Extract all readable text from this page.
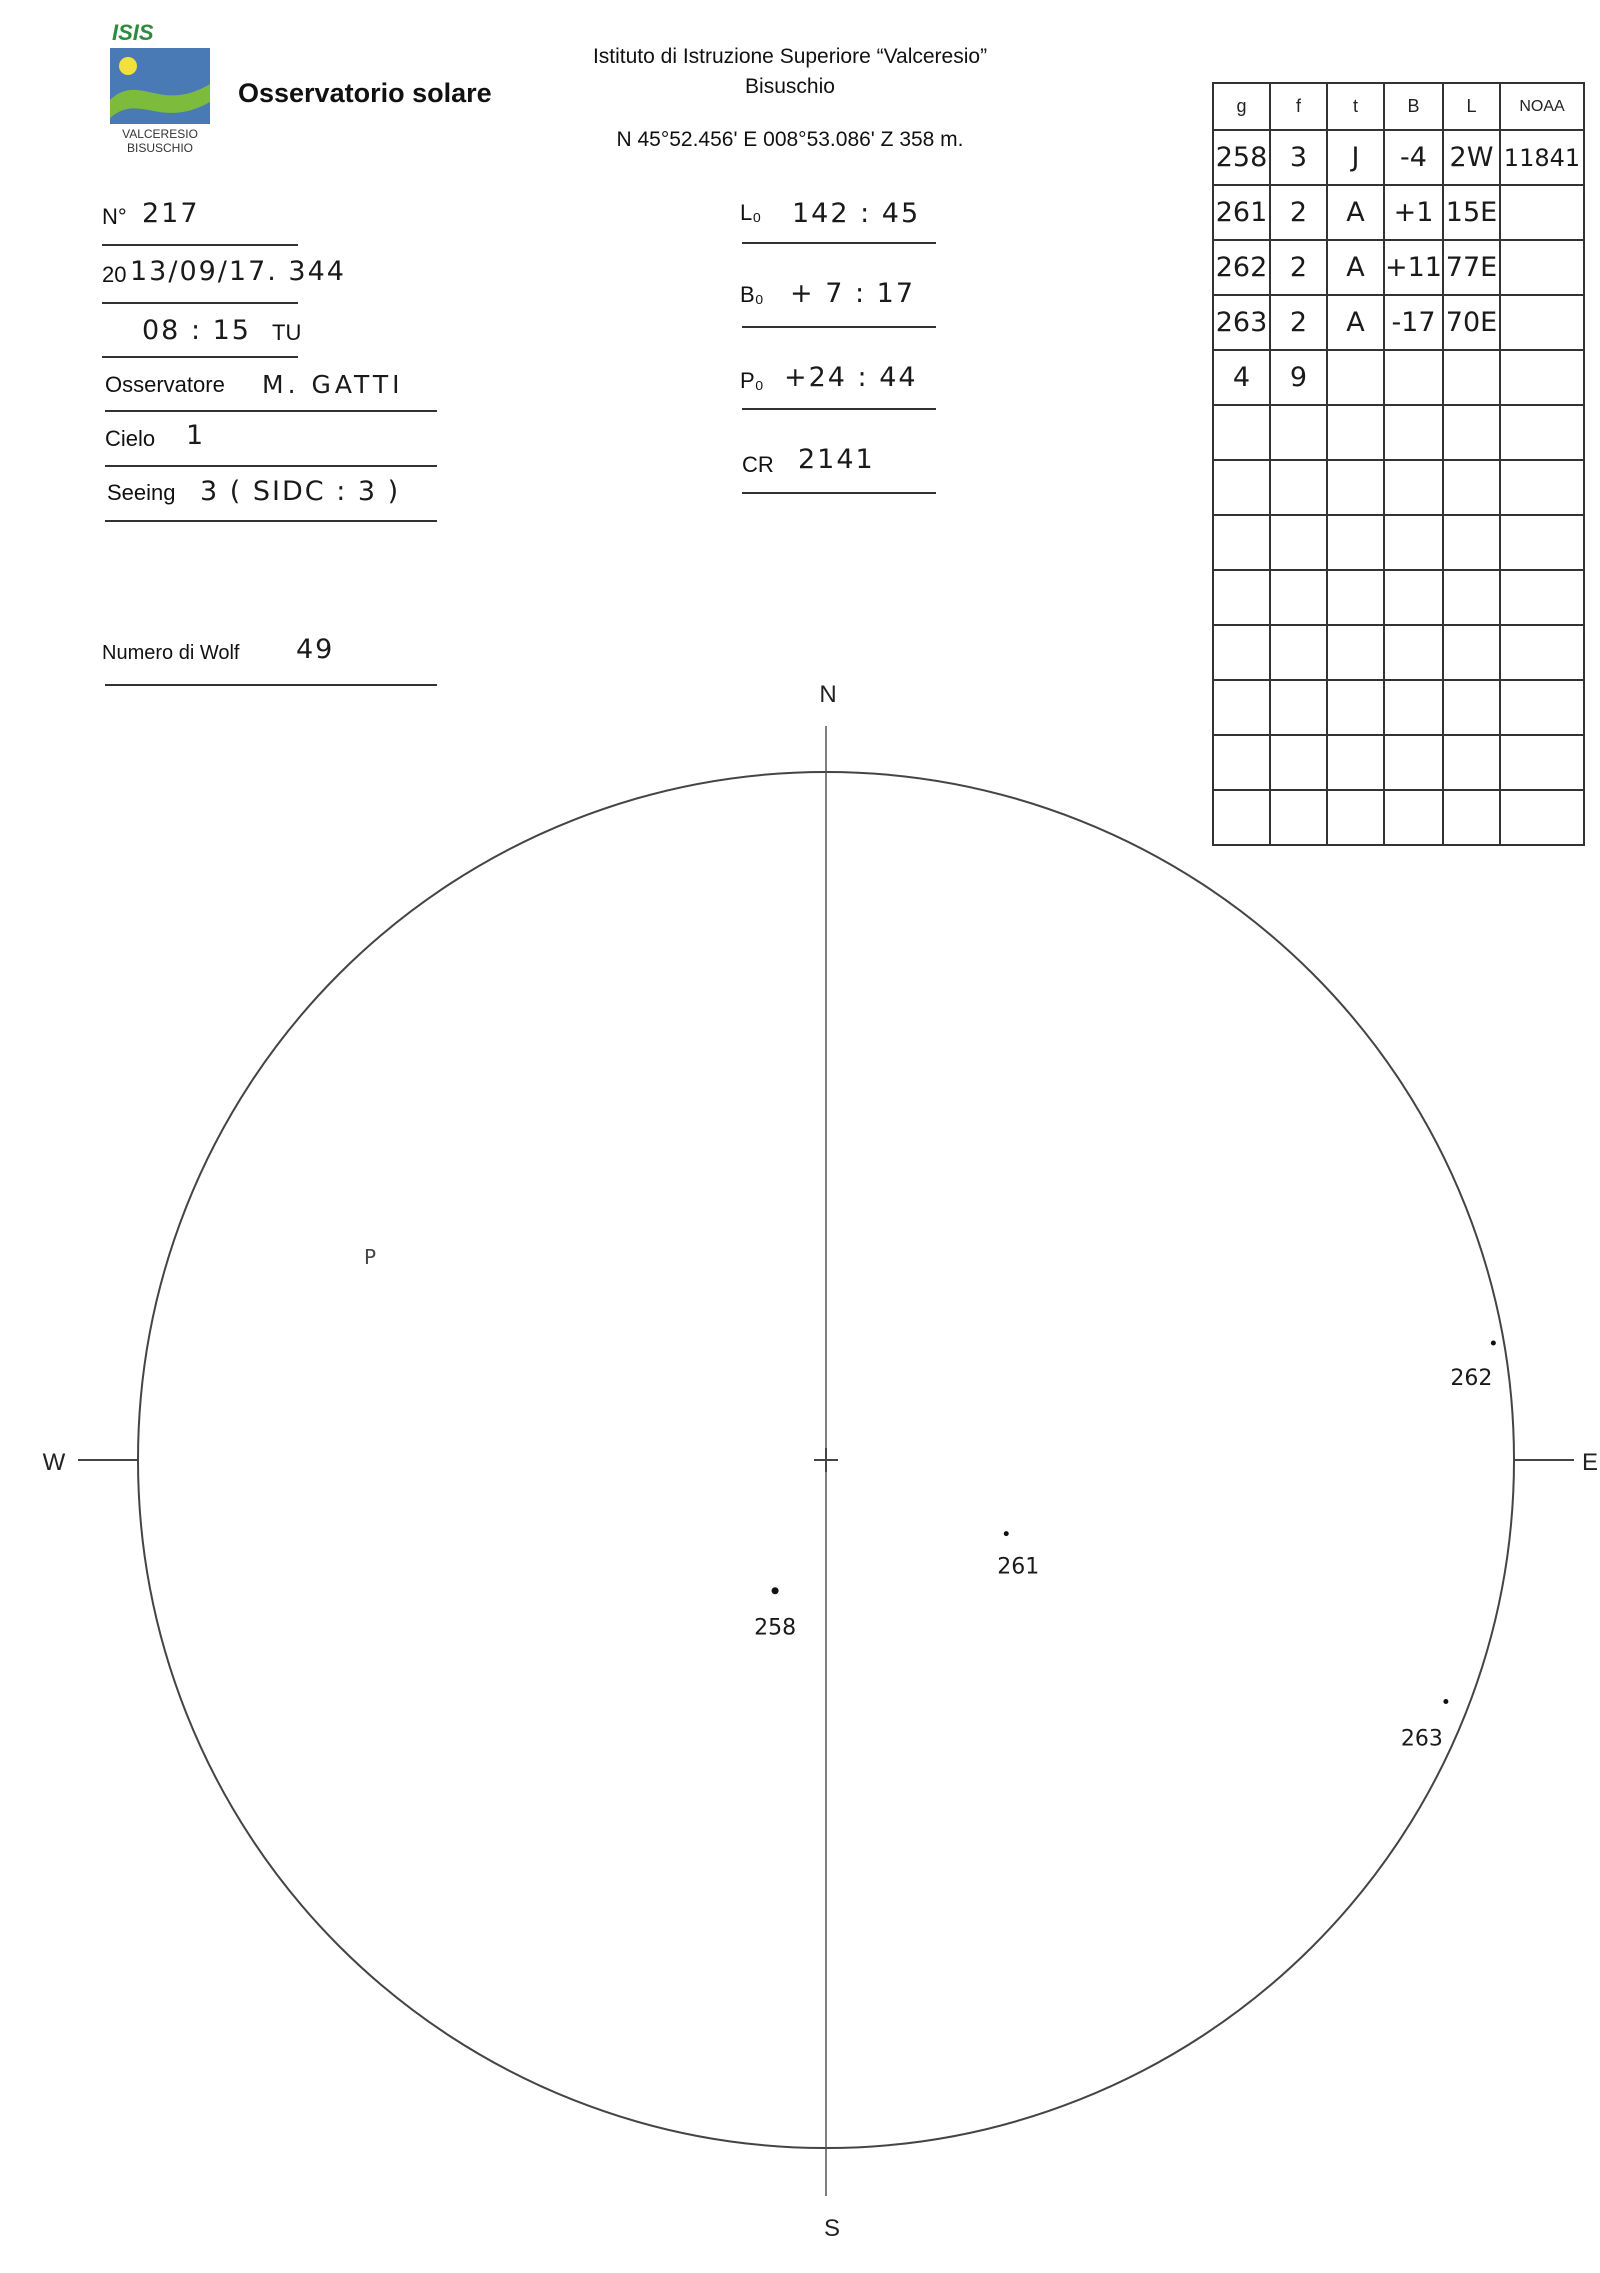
ISIS
VALCERESIO
BISUSCHIO
Osservatorio solare
Istituto di Istruzione Superiore “Valceresio”
Bisuschio
N 45°52.456' E 008°53.086' Z 358 m.
N° 217
20 13/09/17. 344
08 : 15 TU
Osservatore M. GATTI
Cielo 1
Seeing 3 ( SIDC : 3 )
Numero di Wolf 49
L₀ 142 : 45
B₀ + 7 : 17
P₀ +24 : 44
CR 2141
g	f	t	B	L	NOAA
258	3	J	-4	2W	11841
261	2	A	+1	15E	
262	2	A	+11	77E	
263	2	A	-17	70E	
4	9				

N
S
W	E
P
258
261
262
263
